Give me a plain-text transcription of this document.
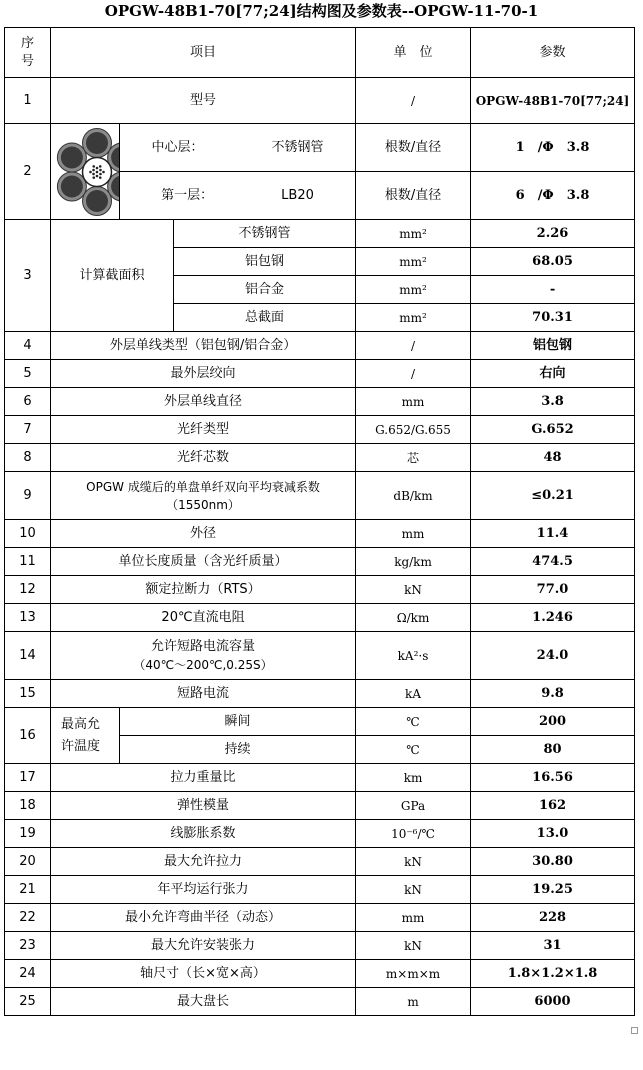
OPGW-48B1-70[77;24]结构图及参数表--OPGW-11-70-1
序号	项目			单　位	参数
1	型号			/	OPGW-48B1-70[77;24]
2		中心层： 不锈钢管		根数/直径	1　 /Φ　3.8
		第一层： LB20		根数/直径	6　 /Φ　3.8
3	计算截面积		不锈钢管	mm²	2.26
			铝包钢	mm²	68.05
			铝合金	mm²	-
			总截面	mm²	70.31
4	外层单线类型（铝包钢/铝合金）			/	铝包钢
5	最外层绞向			/	右向
6	外层单线直径			mm	3.8
7	光纤类型			G.652/G.655	G.652
8	光纤芯数			芯	48
9	OPGW 成缆后的单盘单纤双向平均衰减系数
（1550nm）			dB/km	≤0.21
10	外径			mm	11.4
11	单位长度质量（含光纤质量）			kg/km	474.5
12	额定拉断力（RTS）			kN	77.0
13	20℃直流电阻			Ω/km	1.246
14	允许短路电流容量
（40℃～200℃,0.25S）			kA²·s	24.0
15	短路电流			kA	9.8
16	最高允
许温度	瞬间		℃	200
		持续		℃	80
17	拉力重量比			km	16.56
18	弹性模量			GPa	162
19	线膨胀系数			10⁻⁶/℃	13.0
20	最大允许拉力			kN	30.80
21	年平均运行张力			kN	19.25
22	最小允许弯曲半径（动态）			mm	228
23	最大允许安装张力			kN	31
24	轴尺寸（长×宽×高）			m×m×m	1.8×1.2×1.8
25	最大盘长			m	6000
